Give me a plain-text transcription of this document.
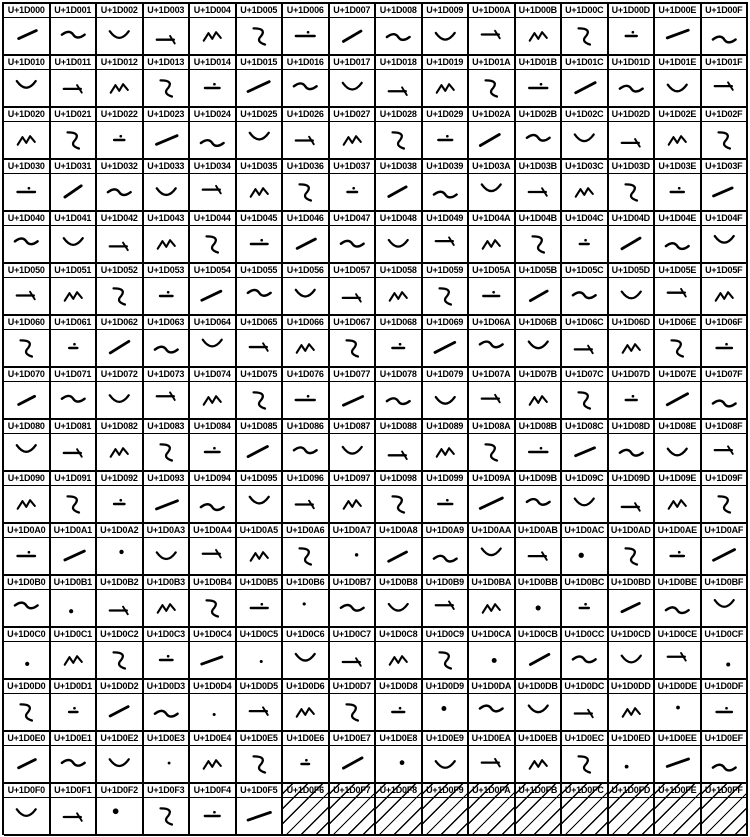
U+1D000	U+1D001	U+1D002	U+1D003	U+1D004	U+1D005	U+1D006	U+1D007	U+1D008	U+1D009 U+1D00A U+1D00B U+1D00C U+1D00D U+1D00E U+1D00F
U+1D010	U+1D011	U+1D012	U+1D013	U+1D014	U+1D015	U+1D016	U+1D017	U+1D018	U+1D019 U+1D01A U+1D01B U+1D01C U+1D01D U+1D01E U+1D01F
U+1D020	U+1D021	U+1D022	U+1D023	U+1D024	U+1D025	U+1D026	U+1D027	U+1D028	U+1D029 U+1D02A U+1D02B U+1D02C U+1D02D U+1D02E U+1D02F
U+1D030	U+1D031	U+1D032	U+1D033	U+1D034	U+1D035	U+1D036	U+1D037	U+1D038	U+1D039 U+1D03A U+1D03B U+1D03C U+1D03D U+1D03E U+1D03F
U+1D040	U+1D041	U+1D042	U+1D043	U+1D044	U+1D045	U+1D046	U+1D047	U+1D048	U+1D049 U+1D04A U+1D04B U+1D04C U+1D04D U+1D04E U+1D04F
U+1D050	U+1D051	U+1D052	U+1D053	U+1D054	U+1D055	U+1D056	U+1D057	U+1D058	U+1D059 U+1D05A U+1D05B U+1D05C U+1D05D U+1D05E U+1D05F
U+1D060	U+1D061	U+1D062	U+1D063	U+1D064	U+1D065	U+1D066	U+1D067	U+1D068	U+1D069 U+1D06A U+1D06B U+1D06C U+1D06D U+1D06E U+1D06F
U+1D070	U+1D071	U+1D072	U+1D073	U+1D074	U+1D075	U+1D076	U+1D077	U+1D078	U+1D079 U+1D07A U+1D07B U+1D07C U+1D07D U+1D07E U+1D07F
U+1D080	U+1D081	U+1D082	U+1D083	U+1D084	U+1D085	U+1D086	U+1D087	U+1D088	U+1D089 U+1D08A U+1D08B U+1D08C U+1D08D U+1D08E U+1D08F
U+1D090	U+1D091	U+1D092	U+1D093	U+1D094	U+1D095	U+1D096	U+1D097	U+1D098	U+1D099 U+1D09A U+1D09B U+1D09C U+1D09D U+1D09E U+1D09F
U+1D0A0 U+1D0A1 U+1D0A2 U+1D0A3 U+1D0A4 U+1D0A5 U+1D0A6 U+1D0A7 U+1D0A8 U+1D0A9 U+1D0AA U+1D0AB U+1D0AC U+1D0AD U+1D0AE U+1D0AF
U+1D0B0 U+1D0B1 U+1D0B2 U+1D0B3 U+1D0B4 U+1D0B5 U+1D0B6 U+1D0B7 U+1D0B8 U+1D0B9 U+1D0BA U+1D0BB U+1D0BC U+1D0BD U+1D0BE U+1D0BF
U+1D0C0 U+1D0C1 U+1D0C2 U+1D0C3 U+1D0C4 U+1D0C5 U+1D0C6 U+1D0C7 U+1D0C8 U+1D0C9 U+1D0CA U+1D0CB U+1D0CC U+1D0CD U+1D0CE U+1D0CF
U+1D0D0 U+1D0D1 U+1D0D2 U+1D0D3 U+1D0D4 U+1D0D5 U+1D0D6 U+1D0D7 U+1D0D8 U+1D0D9 U+1D0DA U+1D0DB U+1D0DC U+1D0DD U+1D0DE U+1D0DF
U+1D0E0 U+1D0E1 U+1D0E2 U+1D0E3 U+1D0E4 U+1D0E5 U+1D0E6 U+1D0E7 U+1D0E8 U+1D0E9 U+1D0EA U+1D0EB U+1D0EC U+1D0ED U+1D0EE U+1D0EF
U+1D0F0	U+1D0F1	U+1D0F2	U+1D0F3	U+1D0F4	U+1D0F5	U+1D0F6	U+1D0F7	U+1D0F8	U+1D0F9 U+1D0FA U+1D0FB U+1D0FC U+1D0FD U+1D0FE U+1D0FF
